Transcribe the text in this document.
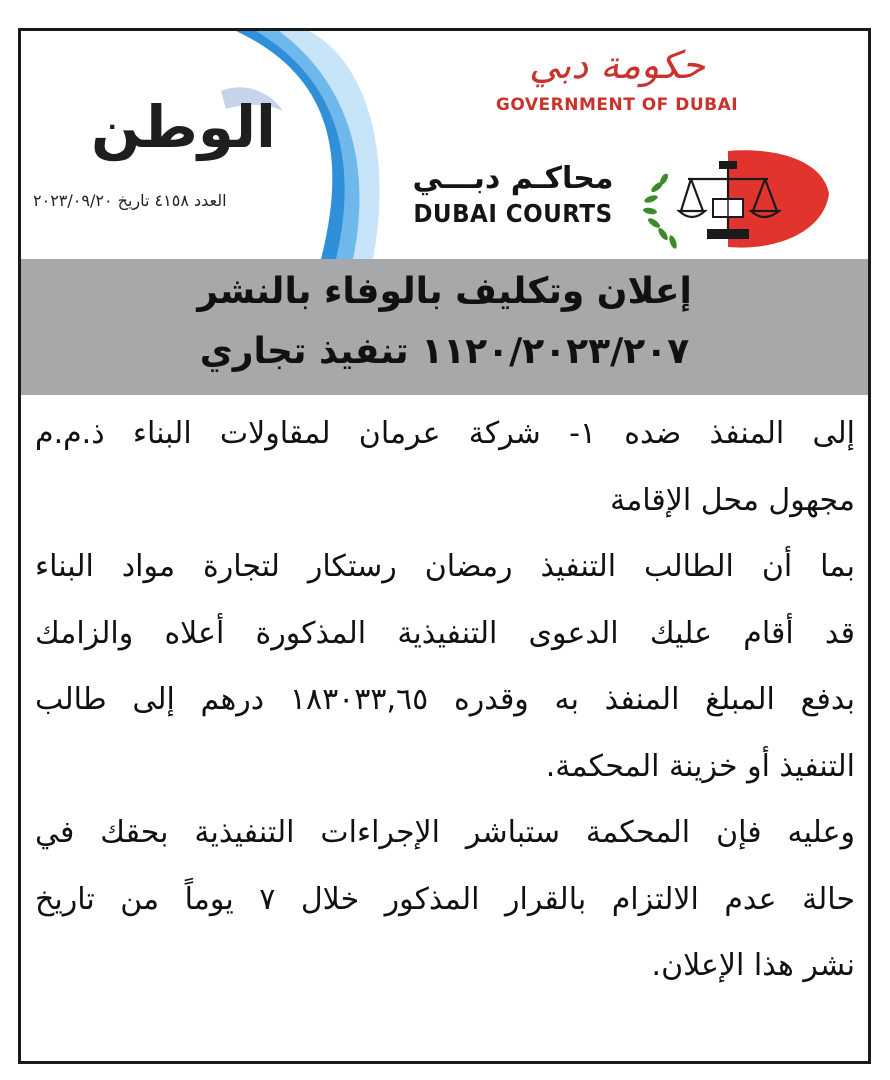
الوطن
العدد ٤١٥٨ تاريخ ٢٠٢٣/٠٩/٢٠
حكومة دبي
GOVERNMENT OF DUBAI
محاكـم دبـــي
DUBAI COURTS
إعلان وتكليف بالوفاء بالنشر
١١٢٠/٢٠٢٣/٢٠٧ تنفيذ تجاري
إلى المنفذ ضده ١- شركة عرمان لمقاولات البناء ذ.م.م
مجهول محل الإقامة
بما أن الطالب التنفيذ رمضان رستكار لتجارة مواد البناء
قد أقام عليك الدعوى التنفيذية المذكورة أعلاه والزامك
بدفع المبلغ المنفذ به وقدره ١٨٣٠٣٣,٦٥ درهم إلى طالب
التنفيذ أو خزينة المحكمة.
وعليه فإن المحكمة ستباشر الإجراءات التنفيذية بحقك في
حالة عدم الالتزام بالقرار المذكور خلال ٧ يوماً من تاريخ
نشر هذا الإعلان.
